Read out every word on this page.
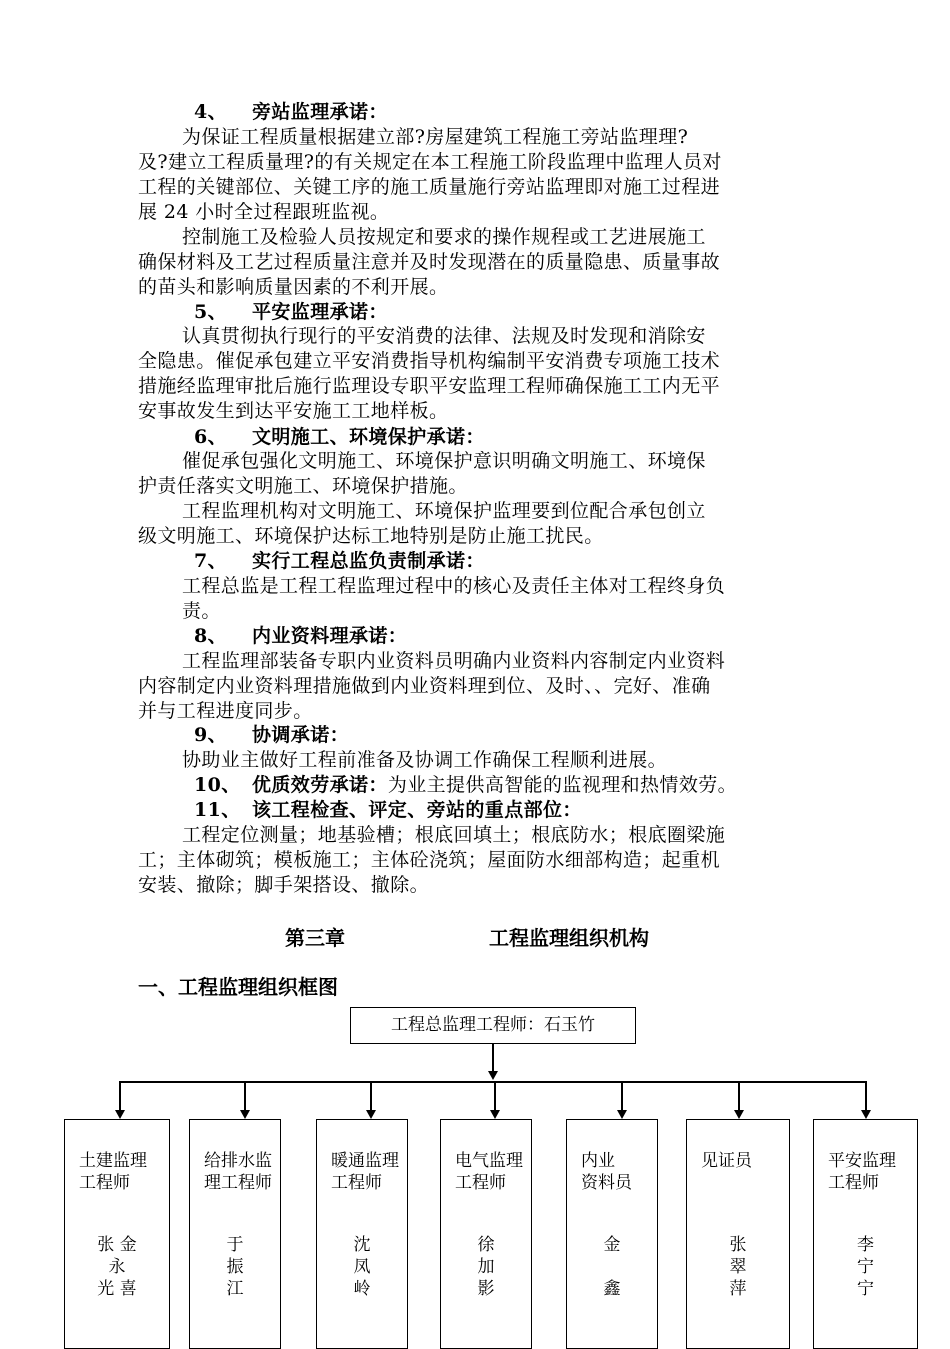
4、 旁站监理承诺：
为保证工程质量根据建立部?房屋建筑工程施工旁站监理理?
及?建立工程质量理?的有关规定在本工程施工阶段监理中监理人员对
工程的关键部位、关键工序的施工质量施行旁站监理即对施工过程进
展 24 小时全过程跟班监视。
控制施工及检验人员按规定和要求的操作规程或工艺进展施工
确保材料及工艺过程质量注意并及时发现潜在的质量隐患、质量事故
的苗头和影响质量因素的不利开展。
5、 平安监理承诺：
认真贯彻执行现行的平安消费的法律、法规及时发现和消除安
全隐患。催促承包建立平安消费指导机构编制平安消费专项施工技术
措施经监理审批后施行监理设专职平安监理工程师确保施工工内无平
安事故发生到达平安施工工地样板。
6、 文明施工、环境保护承诺：
催促承包强化文明施工、环境保护意识明确文明施工、环境保
护责任落实文明施工、环境保护措施。
工程监理机构对文明施工、环境保护监理要到位配合承包创立
级文明施工、环境保护达标工地特别是防止施工扰民。
7、 实行工程总监负责制承诺：
工程总监是工程工程监理过程中的核心及责任主体对工程终身负
责。
8、 内业资料理承诺：
工程监理部装备专职内业资料员明确内业资料内容制定内业资料
内容制定内业资料理措施做到内业资料理到位、及时、、完好、准确
并与工程进度同步。
9、 协调承诺：
协助业主做好工程前准备及协调工作确保工程顺利进展。
10、 优质效劳承诺：为业主提供高智能的监视理和热情效劳。
11、 该工程检查、评定、旁站的重点部位：
工程定位测量；地基验槽；根底回填土；根底防水；根底圈梁施
工；主体砌筑；模板施工；主体砼浇筑；屋面防水细部构造；起重机
安装、撤除；脚手架搭设、撤除。
第三章	工程监理组织机构
一、工程监理组织框图
工程总监理工程师：石玉竹
土建监理
工程师
张 金
永
光 喜
给排水监
理工程师
于
振
江
暖通监理
工程师
沈
凤
岭
电气监理
工程师
徐
加
影
内业
资料员
金

鑫
见证员
张
翠
萍
平安监理
工程师
李
宁
宁
